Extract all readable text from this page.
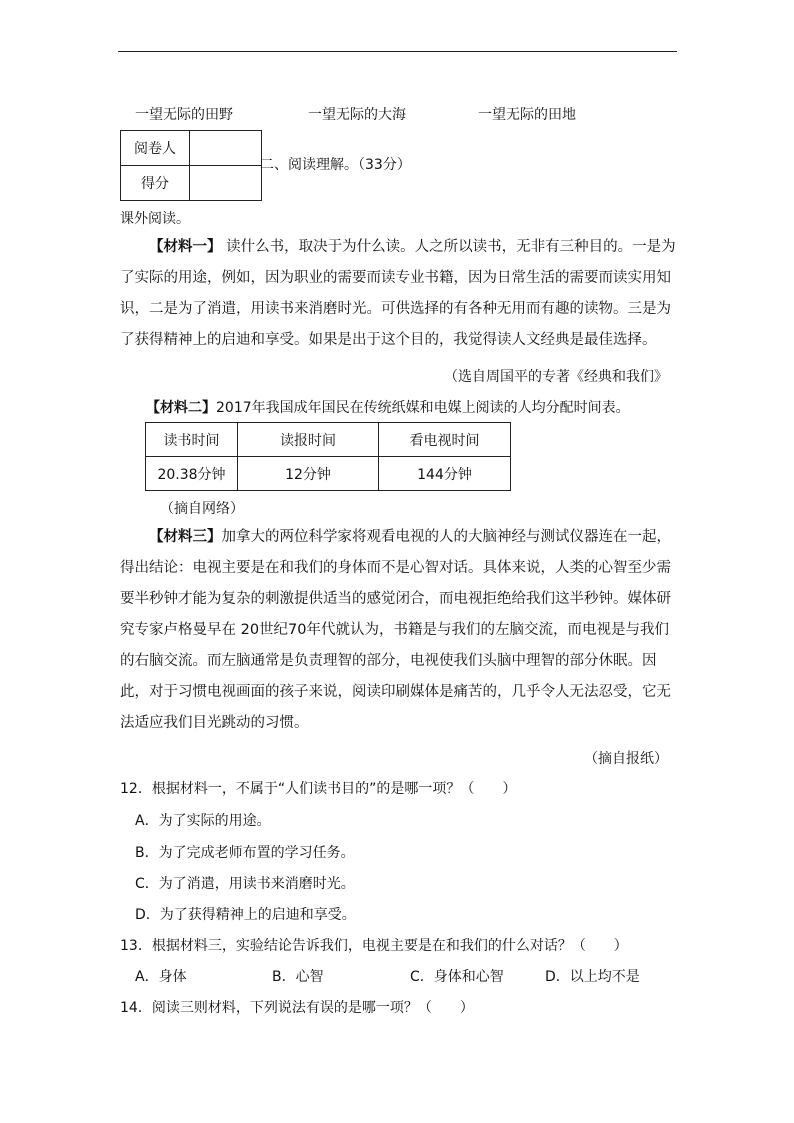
一望无际的田野	一望无际的大海	一望无际的田地
阅卷人	
得分	
二、阅读理解。（33分）
课外阅读。
【材料一】 读什么书，取决于为什么读。人之所以读书，无非有三种目的。一是为了实际的用途，例如，因为职业的需要而读专业书籍，因为日常生活的需要而读实用知识，二是为了消遣，用读书来消磨时光。可供选择的有各种无用而有趣的读物。三是为了获得精神上的启迪和享受。如果是出于这个目的，我觉得读人文经典是最佳选择。
（选自周国平的专著《经典和我们》
【材料二】2017年我国成年国民在传统纸媒和电媒上阅读的人均分配时间表。
读书时间	读报时间	看电视时间
20.38分钟	12分钟	144分钟
（摘自网络）
【材料三】加拿大的两位科学家将观看电视的人的大脑神经与测试仪器连在一起，得出结论：电视主要是在和我们的身体而不是心智对话。具体来说，人类的心智至少需要半秒钟才能为复杂的刺激提供适当的感觉闭合，而电视拒绝给我们这半秒钟。媒体研究专家卢格曼早在 20世纪70年代就认为，书籍是与我们的左脑交流，而电视是与我们的右脑交流。而左脑通常是负责理智的部分，电视使我们头脑中理智的部分休眠。因此，对于习惯电视画面的孩子来说，阅读印刷媒体是痛苦的，几乎令人无法忍受，它无法适应我们目光跳动的习惯。
（摘自报纸）
12．根据材料一，不属于“人们读书目的”的是哪一项？（　　）
A．为了实际的用途。
B．为了完成老师布置的学习任务。
C．为了消遣，用读书来消磨时光。
D．为了获得精神上的启迪和享受。
13．根据材料三，实验结论告诉我们，电视主要是在和我们的什么对话？（　　）
A．身体	B．心智	C．身体和心智	D．以上均不是
14．阅读三则材料，下列说法有误的是哪一项？（　　）
